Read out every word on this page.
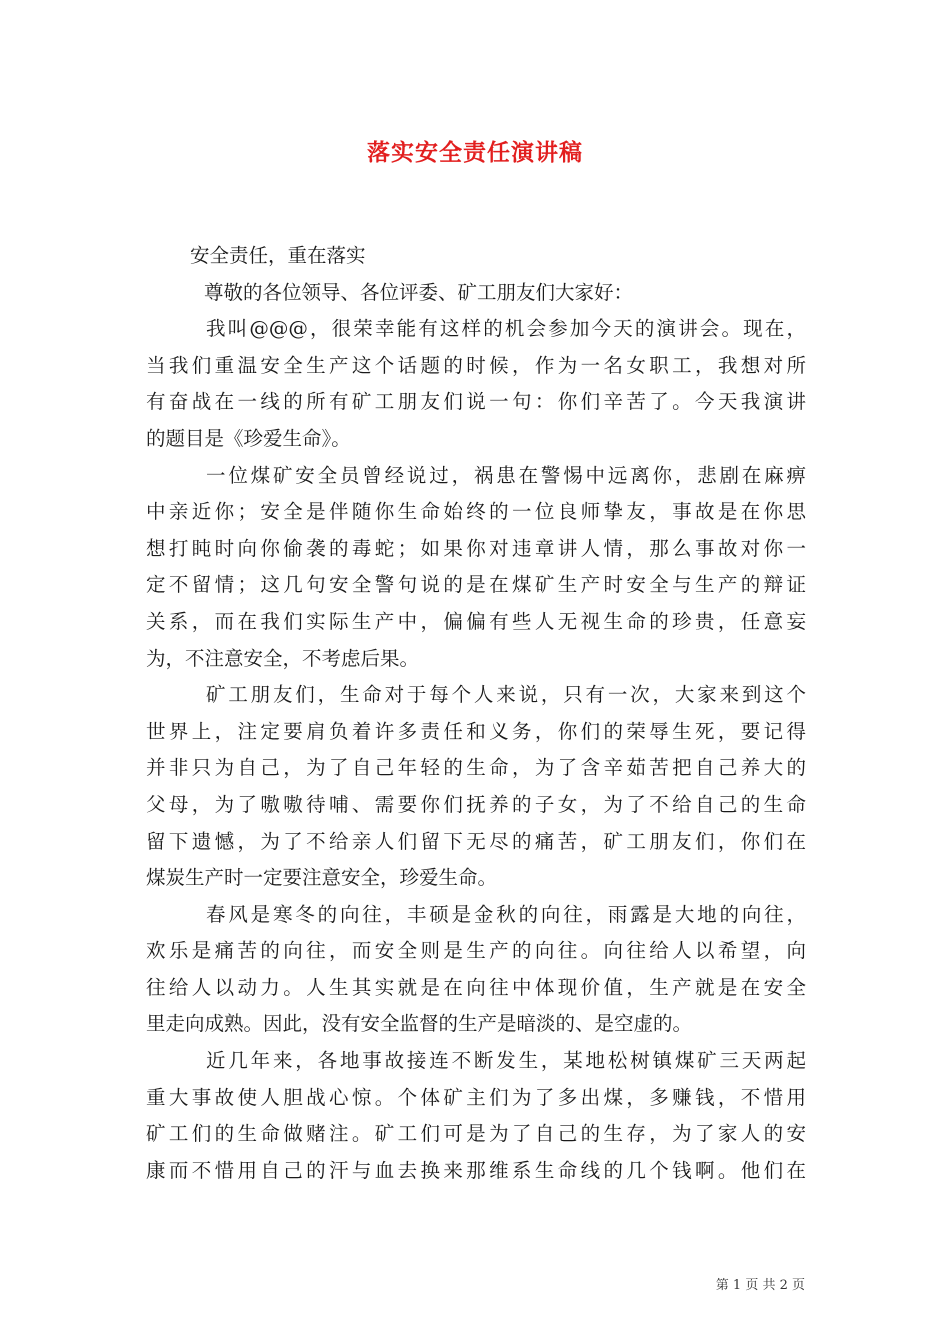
落实安全责任演讲稿
安全责任，重在落实
尊敬的各位领导、各位评委、矿工朋友们大家好：
我叫@@@，很荣幸能有这样的机会参加今天的演讲会。现在，
当我们重温安全生产这个话题的时候，作为一名女职工，我想对所
有奋战在一线的所有矿工朋友们说一句：你们辛苦了。今天我演讲
的题目是《珍爱生命》。
一位煤矿安全员曾经说过，祸患在警惕中远离你，悲剧在麻痹
中亲近你；安全是伴随你生命始终的一位良师挚友，事故是在你思
想打盹时向你偷袭的毒蛇；如果你对违章讲人情，那么事故对你一
定不留情；这几句安全警句说的是在煤矿生产时安全与生产的辩证
关系，而在我们实际生产中，偏偏有些人无视生命的珍贵，任意妄
为，不注意安全，不考虑后果。
矿工朋友们，生命对于每个人来说，只有一次，大家来到这个
世界上，注定要肩负着许多责任和义务，你们的荣辱生死，要记得
并非只为自己，为了自己年轻的生命，为了含辛茹苦把自己养大的
父母，为了嗷嗷待哺、需要你们抚养的子女，为了不给自己的生命
留下遗憾，为了不给亲人们留下无尽的痛苦，矿工朋友们，你们在
煤炭生产时一定要注意安全，珍爱生命。
春风是寒冬的向往，丰硕是金秋的向往，雨露是大地的向往，
欢乐是痛苦的向往，而安全则是生产的向往。向往给人以希望，向
往给人以动力。人生其实就是在向往中体现价值，生产就是在安全
里走向成熟。因此，没有安全监督的生产是暗淡的、是空虚的。
近几年来，各地事故接连不断发生，某地松树镇煤矿三天两起
重大事故使人胆战心惊。个体矿主们为了多出煤，多赚钱，不惜用
矿工们的生命做赌注。矿工们可是为了自己的生存，为了家人的安
康而不惜用自己的汗与血去换来那维系生命线的几个钱啊。他们在
第 1 页 共 2 页
